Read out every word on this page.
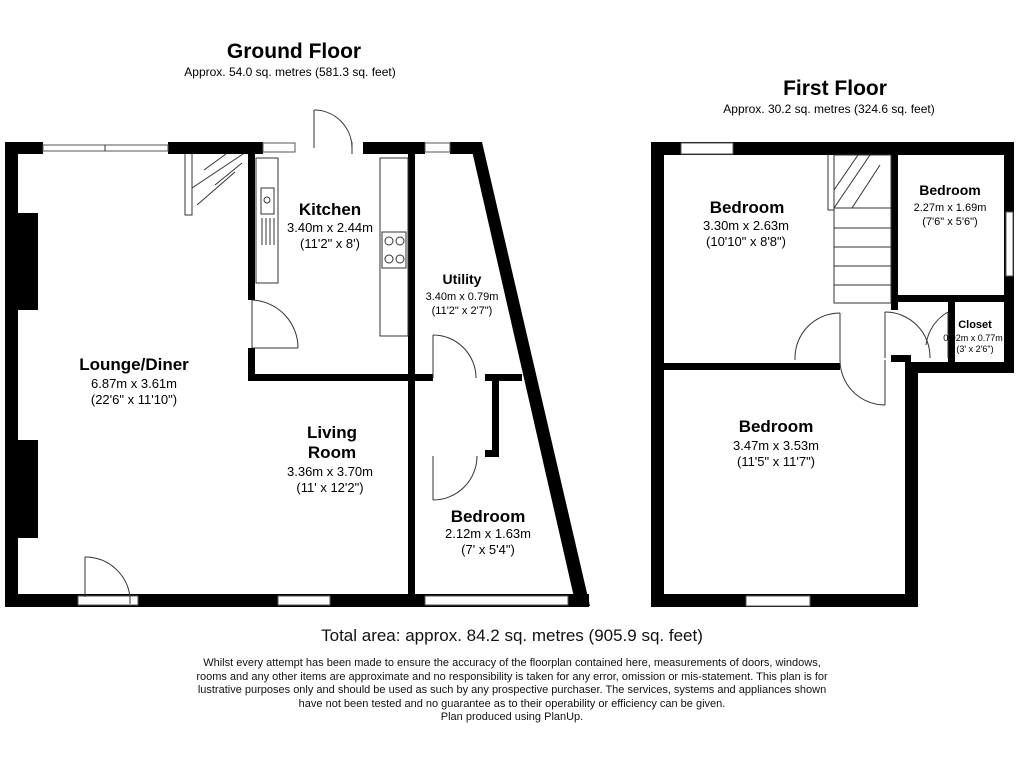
Ground Floor
Approx. 54.0 sq. metres (581.3 sq. feet)
First Floor
Approx. 30.2 sq. metres (324.6 sq. feet)
Lounge/Diner
6.87m x 3.61m
(22'6" x 11'10")
Kitchen
3.40m x 2.44m
(11'2" x 8')
Utility
3.40m x 0.79m
(11'2" x 2'7")
Living
Room
3.36m x 3.70m
(11' x 12'2")
Bedroom
2.12m x 1.63m
(7' x 5'4")
Bedroom
3.30m x 2.63m
(10'10" x 8'8")
Bedroom
2.27m x 1.69m
(7'6" x 5'6")
Closet
0.92m x 0.77m
(3' x 2'6")
Bedroom
3.47m x 3.53m
(11'5" x 11'7")
Total area: approx. 84.2 sq. metres (905.9 sq. feet)
Whilst every attempt has been made to ensure the accuracy of the floorplan contained here, measurements of doors, windows,
rooms and any other items are approximate and no responsibility is taken for any error, omission or mis-statement. This plan is for
lustrative purposes only and should be used as such by any prospective purchaser. The services, systems and appliances shown
have not been tested and no guarantee as to their operability or efficiency can be given.
Plan produced using PlanUp.
